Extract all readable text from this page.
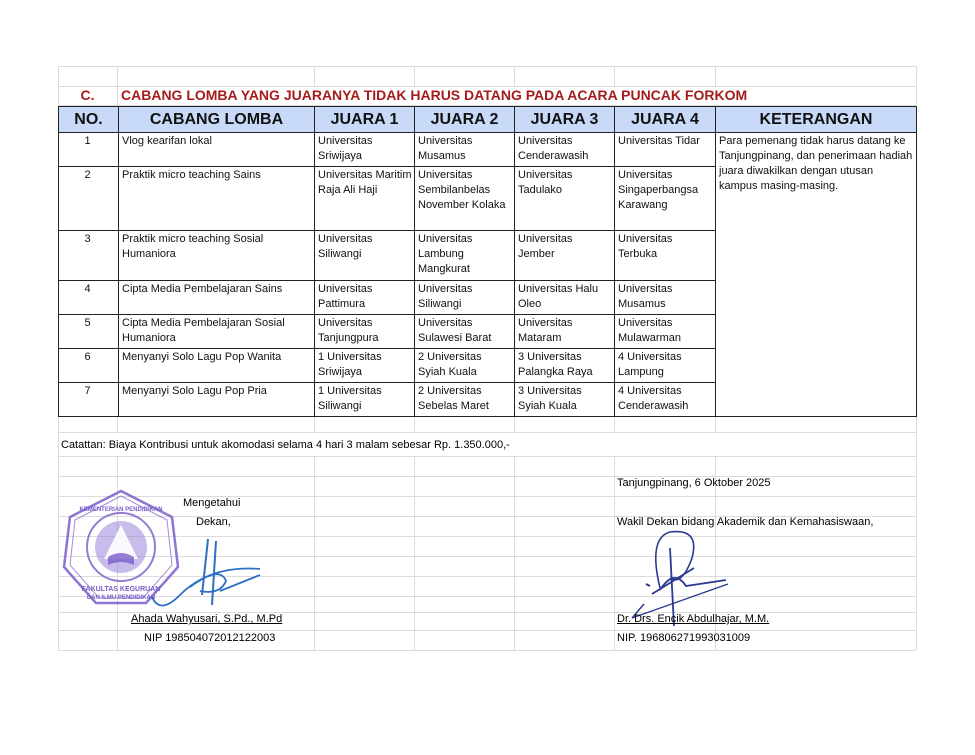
C.	CABANG LOMBA YANG JUARANYA TIDAK HARUS DATANG PADA ACARA PUNCAK FORKOM
NO.	CABANG LOMBA	JUARA 1	JUARA 2	JUARA 3	JUARA 4	KETERANGAN
1	Vlog kearifan lokal	Universitas Sriwijaya	Universitas Musamus	Universitas Cenderawasih	Universitas Tidar	Para pemenang tidak harus datang ke Tanjungpinang, dan penerimaan hadiah juara diwakilkan dengan utusan kampus masing-masing.
2	Praktik micro teaching Sains	Universitas Maritim Raja Ali Haji	Universitas Sembilanbelas November Kolaka	Universitas Tadulako	Universitas Singaperbangsa Karawang	
3	Praktik micro teaching Sosial Humaniora	Universitas Siliwangi	Universitas Lambung Mangkurat	Universitas Jember	Universitas Terbuka	
4	Cipta Media Pembelajaran Sains	Universitas Pattimura	Universitas Siliwangi	Universitas Halu Oleo	Universitas Musamus	
5	Cipta Media Pembelajaran Sosial Humaniora	Universitas Tanjungpura	Universitas Sulawesi Barat	Universitas Mataram	Universitas Mulawarman	
6	Menyanyi Solo Lagu Pop Wanita	1 Universitas Sriwijaya	2 Universitas Syiah Kuala	3 Universitas Palangka Raya	4 Universitas Lampung	
7	Menyanyi Solo Lagu Pop Pria	1 Universitas Siliwangi	2 Universitas Sebelas Maret	3 Universitas Syiah Kuala	4 Universitas Cenderawasih	
Catattan: Biaya Kontribusi untuk akomodasi selama 4 hari 3 malam sebesar Rp. 1.350.000,-
Tanjungpinang, 6 Oktober 2025
Mengetahui
Dekan,	Wakil Dekan bidang Akademik dan Kemahasiswaan,
KEMENTERIAN PENDIDIKAN
FAKULTAS KEGURUAN
DAN ILMU PENDIDIKAN
Ahada Wahyusari, S.Pd., M.Pd
NIP 198504072012122003
Dr. Drs. Encik Abdulhajar, M.M.
NIP. 196806271993031009
